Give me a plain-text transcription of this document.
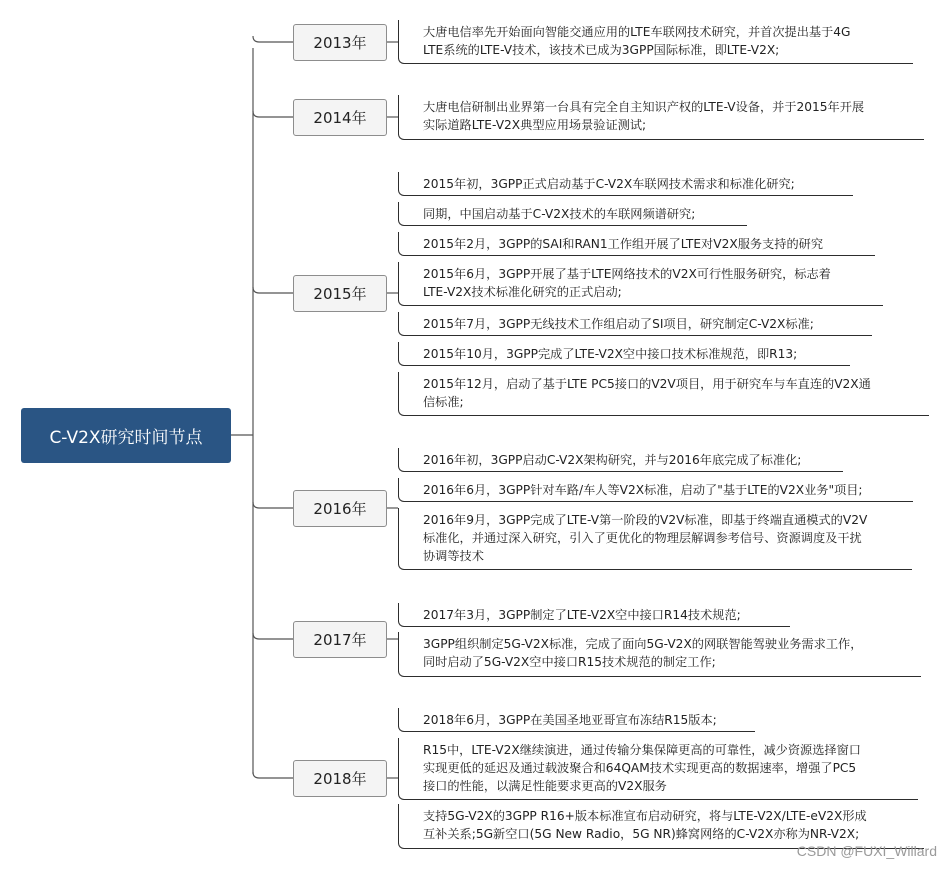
C-V2X研究时间节点
2013年
大唐电信率先开始面向智能交通应用的LTE车联网技术研究，并首次提出基于4G
LTE系统的LTE-V技术，该技术已成为3GPP国际标准，即LTE-V2X;
2014年
大唐电信研制出业界第一台具有完全自主知识产权的LTE-V设备，并于2015年开展
实际道路LTE-V2X典型应用场景验证测试;
2015年
2015年初，3GPP正式启动基于C-V2X车联网技术需求和标准化研究;
同期，中国启动基于C-V2X技术的车联网频谱研究;
2015年2月，3GPP的SAI和RAN1工作组开展了LTE对V2X服务支持的研究
2015年6月，3GPP开展了基于LTE网络技术的V2X可行性服务研究，标志着
LTE-V2X技术标准化研究的正式启动;
2015年7月，3GPP无线技术工作组启动了SI项目，研究制定C-V2X标准;
2015年10月，3GPP完成了LTE-V2X空中接口技术标准规范，即R13;
2015年12月，启动了基于LTE PC5接口的V2V项目，用于研究车与车直连的V2X通
信标准;
2016年
2016年初，3GPP启动C-V2X架构研究，并与2016年底完成了标准化;
2016年6月，3GPP针对车路/车人等V2X标准，启动了"基于LTE的V2X业务"项目;
2016年9月，3GPP完成了LTE-V第一阶段的V2V标准，即基于终端直通模式的V2V
标准化，并通过深入研究，引入了更优化的物理层解调参考信号、资源调度及干扰
协调等技术
2017年
2017年3月，3GPP制定了LTE-V2X空中接口R14技术规范;
3GPP组织制定5G-V2X标准，完成了面向5G-V2X的网联智能驾驶业务需求工作，
同时启动了5G-V2X空中接口R15技术规范的制定工作;
2018年
2018年6月，3GPP在美国圣地亚哥宣布冻结R15版本;
R15中，LTE-V2X继续演进，通过传输分集保障更高的可靠性，减少资源选择窗口
实现更低的延迟及通过载波聚合和64QAM技术实现更高的数据速率，增强了PC5
接口的性能，以满足性能要求更高的V2X服务
支持5G-V2X的3GPP R16+版本标准宣布启动研究，将与LTE-V2X/LTE-eV2X形成
互补关系;5G新空口(5G New Radio，5G NR)蜂窝网络的C-V2X亦称为NR-V2X;
CSDN @FUXI_Willard
